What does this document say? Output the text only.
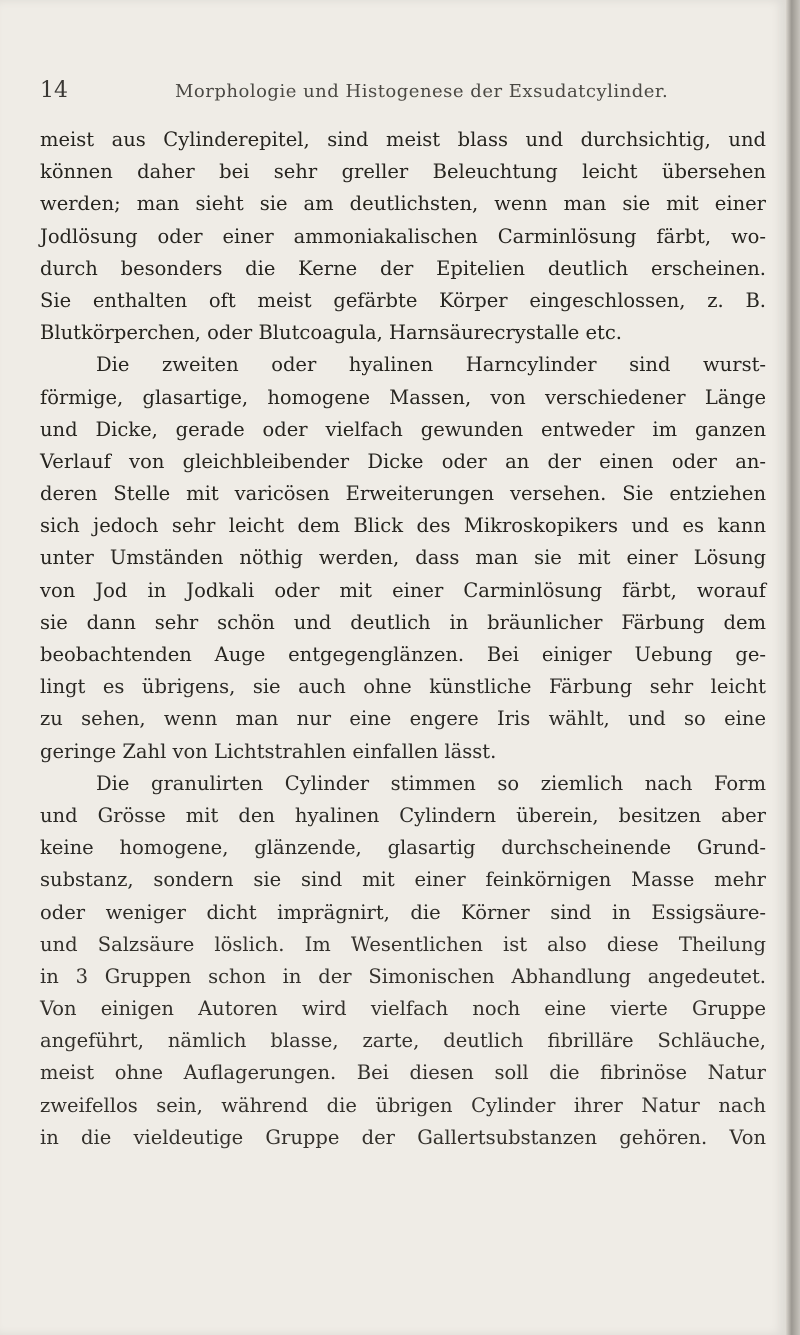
14	Morphologie und Histogenese der Exsudatcylinder.
meist aus Cylinderepitel, sind meist blass und durchsichtig, und
können daher bei sehr greller Beleuchtung leicht übersehen
werden; man sieht sie am deutlichsten, wenn man sie mit einer
Jodlösung oder einer ammoniakalischen Carminlösung färbt, wo-
durch besonders die Kerne der Epitelien deutlich erscheinen.
Sie enthalten oft meist gefärbte Körper eingeschlossen, z. B.
Blutkörperchen, oder Blutcoagula, Harnsäurecrystalle etc.
Die zweiten oder hyalinen Harncylinder sind wurst-
förmige, glasartige, homogene Massen, von verschiedener Länge
und Dicke, gerade oder vielfach gewunden entweder im ganzen
Verlauf von gleichbleibender Dicke oder an der einen oder an-
deren Stelle mit varicösen Erweiterungen versehen. Sie entziehen
sich jedoch sehr leicht dem Blick des Mikroskopikers und es kann
unter Umständen nöthig werden, dass man sie mit einer Lösung
von Jod in Jodkali oder mit einer Carminlösung färbt, worauf
sie dann sehr schön und deutlich in bräunlicher Färbung dem
beobachtenden Auge entgegenglänzen. Bei einiger Uebung ge-
lingt es übrigens, sie auch ohne künstliche Färbung sehr leicht
zu sehen, wenn man nur eine engere Iris wählt, und so eine
geringe Zahl von Lichtstrahlen einfallen lässt.
Die granulirten Cylinder stimmen so ziemlich nach Form
und Grösse mit den hyalinen Cylindern überein, besitzen aber
keine homogene, glänzende, glasartig durchscheinende Grund-
substanz, sondern sie sind mit einer feinkörnigen Masse mehr
oder weniger dicht imprägnirt, die Körner sind in Essigsäure-
und Salzsäure löslich. Im Wesentlichen ist also diese Theilung
in 3 Gruppen schon in der Simonischen Abhandlung angedeutet.
Von einigen Autoren wird vielfach noch eine vierte Gruppe
angeführt, nämlich blasse, zarte, deutlich fibrilläre Schläuche,
meist ohne Auflagerungen. Bei diesen soll die fibrinöse Natur
zweifellos sein, während die übrigen Cylinder ihrer Natur nach
in die vieldeutige Gruppe der Gallertsubstanzen gehören. Von
